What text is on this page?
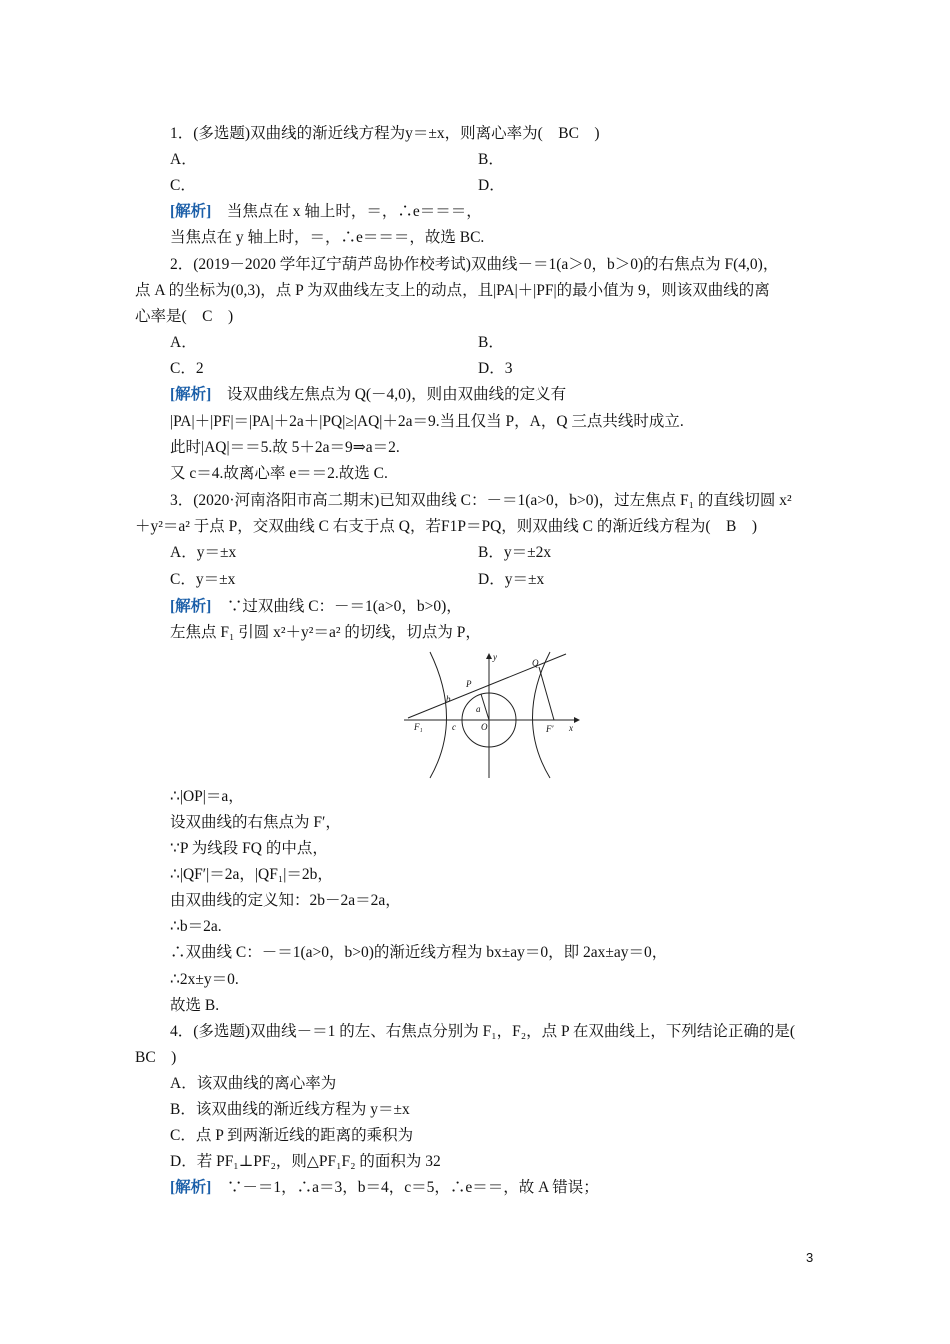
1．(多选题)双曲线的渐近线方程为y＝±x，则离心率为(　BC　)
A．	B．
C．	D．
[解析]　当焦点在 x 轴上时，＝，∴e＝＝＝，
当焦点在 y 轴上时，＝，∴e＝＝＝，故选 BC.
2．(2019－2020 学年辽宁葫芦岛协作校考试)双曲线－＝1(a＞0，b＞0)的右焦点为 F(4,0)，
点 A 的坐标为(0,3)，点 P 为双曲线左支上的动点，且|PA|＋|PF|的最小值为 9，则该双曲线的离
心率是(　C　)
A．	B．
C．2	D．3
[解析]　设双曲线左焦点为 Q(－4,0)，则由双曲线的定义有
|PA|＋|PF|＝|PA|＋2a＋|PQ|≥|AQ|＋2a＝9.当且仅当 P，A，Q 三点共线时成立.
此时|AQ|＝＝5.故 5＋2a＝9⇒a＝2.
又 c＝4.故离心率 e＝＝2.故选 C.
3．(2020·河南洛阳市高二期末)已知双曲线 C：－＝1(a>0，b>0)，过左焦点 F₁ 的直线切圆 x²
＋y²＝a² 于点 P，交双曲线 C 右支于点 Q，若F1P＝PQ，则双曲线 C 的渐近线方程为(　B　)
A．y＝±x	B．y＝±2x
C．y＝±x	D．y＝±x
[解析]　∵过双曲线 C：－＝1(a>0，b>0)，
左焦点 F₁ 引圆 x²＋y²＝a² 的切线，切点为 P，
∴|OP|＝a，
设双曲线的右焦点为 F′，
∵P 为线段 FQ 的中点，
∴|QF′|＝2a，|QF₁|＝2b，
由双曲线的定义知：2b－2a＝2a，
∴b＝2a.
∴双曲线 C：－＝1(a>0，b>0)的渐近线方程为 bx±ay＝0，即 2ax±ay＝0，
∴2x±y＝0.
故选 B.
4．(多选题)双曲线－＝1 的左、右焦点分别为 F₁，F₂，点 P 在双曲线上，下列结论正确的是(
BC　)
A．该双曲线的离心率为
B．该双曲线的渐近线方程为 y＝±x
C．点 P 到两渐近线的距离的乘积为
D．若 PF₁⊥PF₂，则△PF₁F₂ 的面积为 32
[解析]　∵－＝1，∴a＝3，b＝4，c＝5，∴e＝＝，故 A 错误；
y
x
Q
P
b
a
F₁	c	O	F′
3
